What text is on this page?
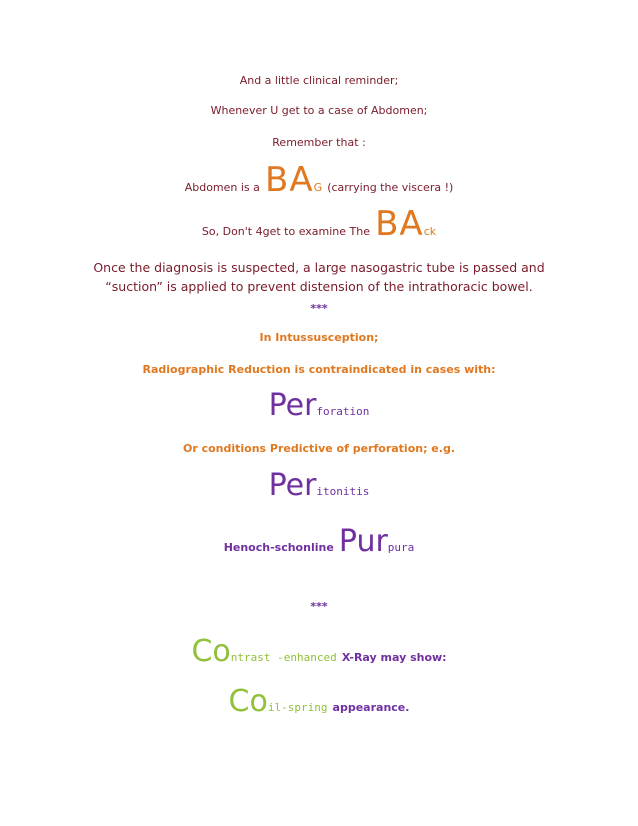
And a little clinical reminder;
Whenever U get to a case of Abdomen;
Remember that :
Abdomen is a BAG (carrying the viscera !)
So, Don't 4get to examine The BAck
Once the diagnosis is suspected, a large nasogastric tube is passed and
“suction” is applied to prevent distension of the intrathoracic bowel.
***
In Intussusception;
Radiographic Reduction is contraindicated in cases with:
Perforation
Or conditions Predictive of perforation; e.g.
Peritonitis
Henoch-schonline Purpura
***
Contrast -enhanced X-Ray may show:
Coil-spring appearance.
